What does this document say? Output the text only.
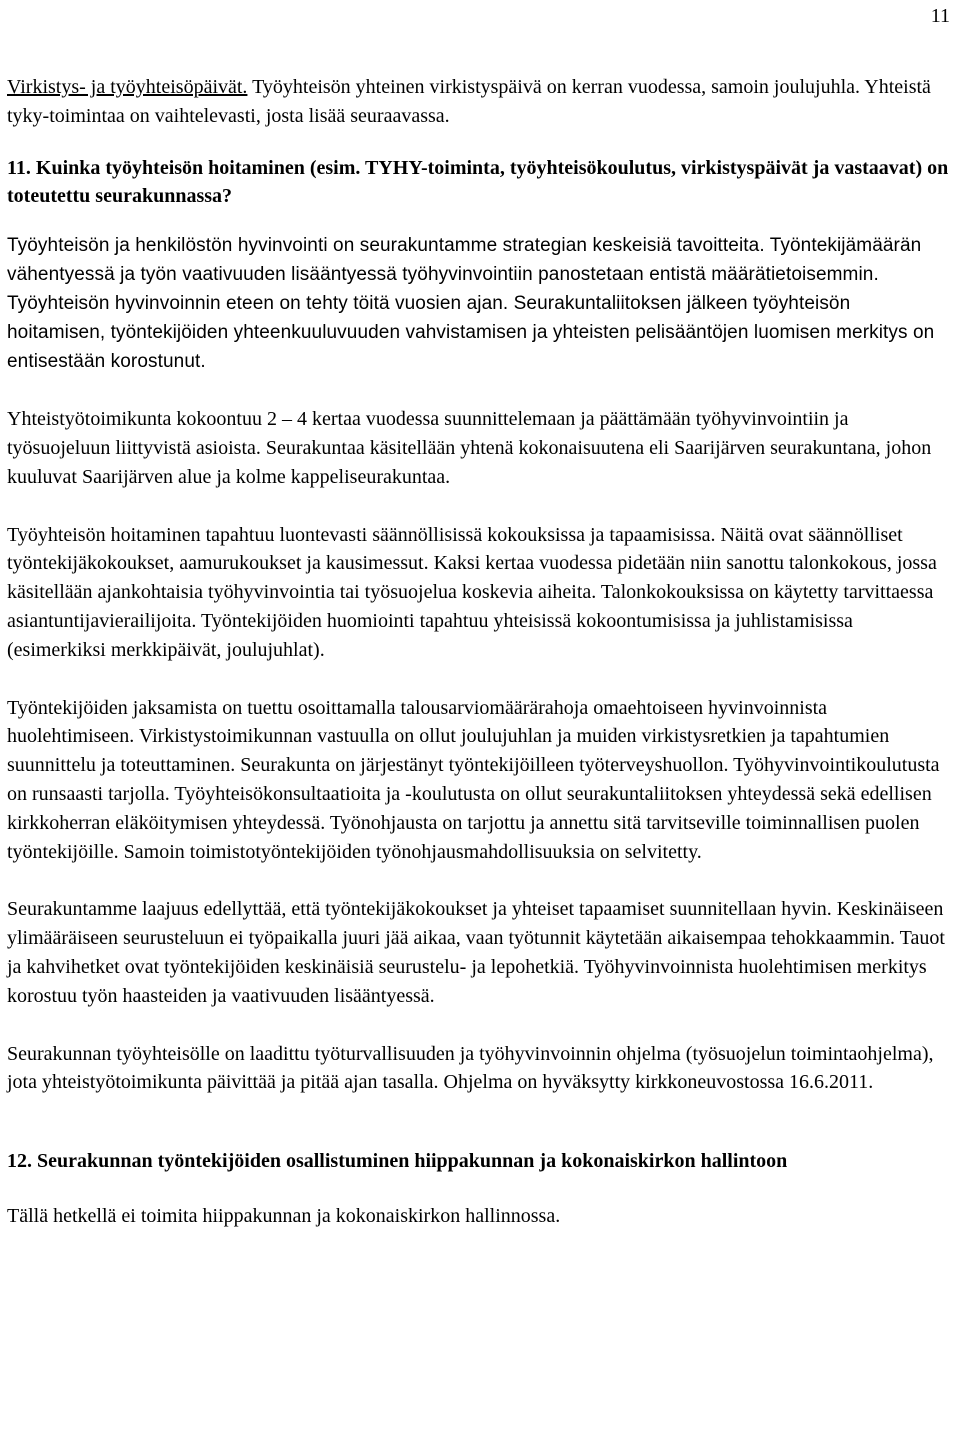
11

Virkistys- ja työyhteisöpäivät. Työyhteisön yhteinen virkistyspäivä on kerran vuodessa, samoin joulujuhla. Yhteistä tyky-toimintaa on vaihtelevasti, josta lisää seuraavassa.

11. Kuinka työyhteisön hoitaminen (esim. TYHY-toiminta, työyhteisökoulutus, virkistyspäivät ja vastaavat) on toteutettu seurakunnassa?

Työyhteisön ja henkilöstön hyvinvointi on seurakuntamme strategian keskeisiä tavoitteita. Työntekijämäärän vähentyessä ja työn vaativuuden lisääntyessä työhyvinvointiin panostetaan entistä määrätietoisemmin. Työyhteisön hyvinvoinnin eteen on tehty töitä vuosien ajan. Seurakuntaliitoksen jälkeen työyhteisön hoitamisen, työntekijöiden yhteenkuuluvuuden vahvistamisen ja yhteisten pelisääntöjen luomisen merkitys on entisestään korostunut.

Yhteistyötoimikunta kokoontuu 2 – 4 kertaa vuodessa suunnittelemaan ja päättämään työhyvinvointiin ja työsuojeluun liittyvistä asioista. Seurakuntaa käsitellään yhtenä kokonaisuutena eli Saarijärven seurakuntana, johon kuuluvat Saarijärven alue ja kolme kappeliseurakuntaa.

Työyhteisön hoitaminen tapahtuu luontevasti säännöllisissä kokouksissa ja tapaamisissa. Näitä ovat säännölliset työntekijäkokoukset, aamurukoukset ja kausimessut. Kaksi kertaa vuodessa pidetään niin sanottu talonkokous, jossa käsitellään ajankohtaisia työhyvinvointia tai työsuojelua koskevia aiheita. Talonkokouksissa on käytetty tarvittaessa asiantuntijavierailijoita. Työntekijöiden huomiointi tapahtuu yhteisissä kokoontumisissa ja juhlistamisissa (esimerkiksi merkkipäivät, joulujuhlat).

Työntekijöiden jaksamista on tuettu osoittamalla talousarviomäärärahoja omaehtoiseen hyvinvoinnista huolehtimiseen. Virkistystoimikunnan vastuulla on ollut joulujuhlan ja muiden virkistysretkien ja tapahtumien suunnittelu ja toteuttaminen. Seurakunta on järjestänyt työntekijöilleen työterveyshuollon. Työhyvinvointikoulutusta on runsaasti tarjolla. Työyhteisökonsultaatioita ja -koulutusta on ollut seurakuntaliitoksen yhteydessä sekä edellisen kirkkoherran eläköitymisen yhteydessä. Työnohjausta on tarjottu ja annettu sitä tarvitseville toiminnallisen puolen työntekijöille. Samoin toimistotyöntekijöiden työnohjausmahdollisuuksia on selvitetty.

Seurakuntamme laajuus edellyttää, että työntekijäkokoukset ja yhteiset tapaamiset suunnitellaan hyvin. Keskinäiseen ylimääräiseen seurusteluun ei työpaikalla juuri jää aikaa, vaan työtunnit käytetään aikaisempaa tehokkaammin. Tauot ja kahvihetket ovat työntekijöiden keskinäisiä seurustelu- ja lepohetkiä. Työhyvinvoinnista huolehtimisen merkitys korostuu työn haasteiden ja vaativuuden lisääntyessä.

Seurakunnan työyhteisölle on laadittu työturvallisuuden ja työhyvinvoinnin ohjelma (työsuojelun toimintaohjelma), jota yhteistyötoimikunta päivittää ja pitää ajan tasalla. Ohjelma on hyväksytty kirkkoneuvostossa 16.6.2011.

12. Seurakunnan työntekijöiden osallistuminen hiippakunnan ja kokonaiskirkon hallintoon

Tällä hetkellä ei toimita hiippakunnan ja kokonaiskirkon hallinnossa.
